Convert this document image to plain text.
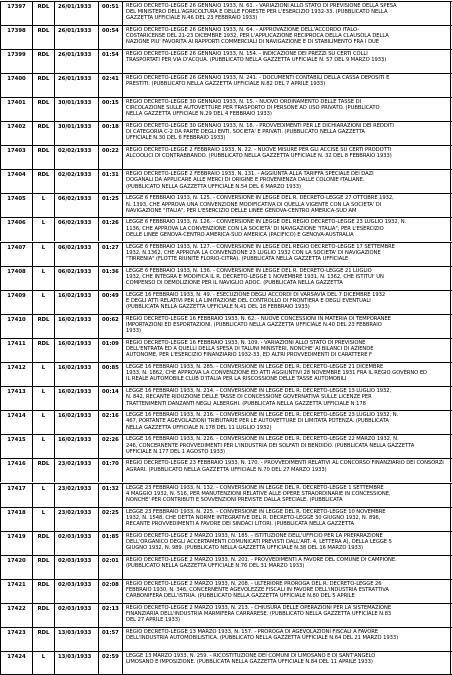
17397	RDL	26/01/1933	00:51	REGIO DECRETO-LEGGE 26 GENNAIO 1933, N. 61. - VARIAZIONI ALLO STATO DI PREVISIONE DELLA SPESA
DEL MINISTERO DELL'AGRICOLTURA E DELLE FORESTE PER L'ESERCIZIO 1932-33. (PUBBLICATO NELLA
GAZZETTA UFFICIALE N.46 DEL 23 FEBBRAIO 1933)
17398	RDL	26/01/1933	00:54	REGIO DECRETO-LEGGE 26 GENNAIO 1933, N. 64. - APPROVAZIONE DELL'ACCORDO ITALO-
COSTARICENSE DEL 21-23 DICEMBRE 1932, PER L'APPLICAZIONE RECIPROCA DELLA CLAUSOLA DELLA
NAZIONE PIU' FAVORITA AI RAPPORTI COMMERCIALI DI NAVIGAZIONE E DI STABILIMENTO FRA I DUE
17399	RDL	26/01/1933	01:54	REGIO DECRETO-LEGGE 26 GENNAIO 1933, N. 154. - INDICAZIONE DEI PREZZI SU CERTI COLLI
TRASPORTATI PER VIA D'ACQUA. (PUBBLICATO NELLA GAZZETTA UFFICIALE N. 57 DEL 9 MARZO 1933)
17400	RDL	26/01/1933	02:41	REGIO DECRETO-LEGGE 26 GENNAIO 1933, N. 241. - DOCUMENTI CONTABILI DELLA CASSA DEPOSITI E
PRESTITI. (PUBBLICATO NELLA GAZZETTA UFFICIALE N.82 DEL 7 APRILE 1933)
17401	RDL	30/01/1933	00:15	REGIO DECRETO-LEGGE 30 GENNAIO 1933, N. 15. - NUOVO ORDINAMENTO DELLE TASSE DI
CIRCOLAZIONE SULLE AUTOVETTURE PER TRASPORTO DI PERSONE AD USO PRIVATO. (PUBBLICATO
NELLA GAZZETTA UFFICIALE N.29 DEL 4 FEBBRAIO 1933)
17402	RDL	30/01/1933	00:18	REGIO DECRETO-LEGGE 30 GENNAIO 1933, N. 18. - PROVVEDIMENTI PER LE DICHIARAZIONI DEI REDDITI
DI CATEGORIA C-2 DA PARTE DEGLI ENTI, SOCIETA' E PRIVATI. (PUBBLICATO NELLA GAZZETTA
UFFICIALE N.30 DEL 6 FEBBRAIO 1933)
17403	RDL	02/02/1933	00:22	REGIO DECRETO-LEGGE 2 FEBBRAIO 1933, N. 22. - NUOVE MISURE PER GLI ACCISE SU CERTI PRODOTTI
ALCOOLICI DI CONTRABBANDO. (PUBBLICATO NELLA GAZZETTA UFFICIALE N. 32 DEL 8 FEBBRAIO 1933)
17404	RDL	02/02/1933	01:31	REGIO DECRETO-LEGGE 2 FEBBRAIO 1933, N. 131. - AGGIUNTA ALLA TARIFFA SPECIALE DEI DAZI
DOGANALI DA APPLICARE ALLE MERCI DI ORIGINE E PROVENIENZA DALLE COLONIE ITALIANE.
(PUBBLICATO NELLA GAZZETTA UFFICIALE N.54 DEL 6 MARZO 1933)
17405	L	06/02/1933	01:25	LEGGE 6 FEBBRAIO 1933, N. 125. - CONVERSIONE IN LEGGE DEL R. DECRETO-LEGGE 27 OTTOBRE 1932,
N. 1393, CHE APPROVA UNA CONVENZIONE MODIFICATIVA DI QUELLA VIGENTE CON LA SOCIETA' DI
NAVIGAZIONE "ITALIA", PER L'ESERCIZIO DELLE LINEE GENOVA-CENTRO AMERICA-SUD AM
17406	L	06/02/1933	01:26	LEGGE 6 FEBBRAIO 1933, N. 126. - CONVERSIONE IN LEGGE DEL REGIO DECRETO-LEGGE 23 LUGLIO 1932, N.
1136, CHE APPROVA LA CONVENZIONE CON LA SOCIETA' DI NAVIGAZIONE "ITALIA", PER L'ESERCIZIO
DELLE LINEE GENOVA-CENTRO AMERICA-SUD AMERICA (PACIFICO) E GENOVA-AUSTRALIA
17407	L	06/02/1933	01:27	LEGGE 6 FEBBRAIO 1933, N. 127. - CONVERSIONE IN LEGGE DEL REGIO DECRETO-LEGGE 17 SETTEMBRE
1932, N.1362, CHE APPROVA LA CONVENZIONE 23 LUGLIO 1932 CON LA SOCIETA' DI NAVIGAZIONE
"TIRRENIA" (FLOTTE RIUNITE FLORIO-CITRA). (PUBBLICATA NELLA GAZZETTA UFFICIALE
17408	L	06/02/1933	01:36	LEGGE 6 FEBBRAIO 1933, N. 136. - CONVERSIONE IN LEGGE DEL R. DECRETO-LEGGE 21 LUGLIO
1932, CHE INTEGRA E MODIFICA IL R. DECRETO-LEGGE 1 NOVEMBRE 1931, N. 1362, CHE ISTITUI' UN
COMPENSO DI DEMOLIZIONE PER IL NAVIGLIO ADOC. (PUBBLICATA NELLA GAZZETTA
17409	L	16/02/1933	00:49	LEGGE 16 FEBBRAIO 1933, N. 49. - ESECUZIONE DEGLI ACCORDI DI VARSAVIA DEL 7 DICEMBRE 1932
E DEGLI ATTI RELATIVI PER LA LIMITAZIONE DEL CONTROLLO DI FRONTIERA E DEGLI EVENTUALI
(PUBBLICATA NELLA GAZZETTA UFFICIALE N.41 DEL 18 FEBBRAIO 1933)
17410	RDL	16/02/1933	00:62	REGIO DECRETO-LEGGE 16 FEBBRAIO 1933, N. 62. - NUOVE CONCESSIONI IN MATERIA DI TEMPORANEE
IMPORTAZIONI ED ESPORTAZIONI. (PUBBLICATO NELLA GAZZETTA UFFICIALE N.40 DEL 23 FEBBRAIO
1933)
17411	RDL	16/02/1933	01:09	REGIO DECRETO-LEGGE 16 FEBBRAIO 1933, N. 109. - VARIAZIONI ALLO STATO DI PREVISIONE
DELL'ENTRATA ED A QUELLI DELLA SPESA DI TALUNI MINISTERI, NONCHE' AI BILANCI DI AZIENDE
AUTONOME, PER L'ESERCIZIO FINANZIARIO 1932-33, ED ALTRI PROVVEDIMENTI DI CARATTERE F
17412	L	16/02/1933	00:85	LEGGE 16 FEBBRAIO 1933, N. 285. - CONVERSIONE IN LEGGE DEL R. DECRETO-LEGGE 21 DICEMBRE
1933, N. 1862, CHE APPROVA LA CONVENZIONE ED ATTI AGGIUNTIVI 28 NOVEMBRE 1931 FRA IL REGIO GOVERNO ED
IL REALE AUTOMOBILE CLUB D'ITALIA PER LA RISCOSSIONE DELLE TASSE AUTOMOBILI
17413	L	16/02/1933	00:14	LEGGE 16 FEBBRAIO 1933, N. 214. - CONVERSIONE IN LEGGE DEL R. DECRETO-LEGGE 13 LUGLIO 1932,
N. 842, RECANTE RIDUZIONE DELLE TASSE DI CONCESSIONE GOVERNATIVA SULLE LICENZE PER
TRATTENIMENTI DANZANTI NEGLI ALBERGHI. (PUBBLICATA NELLA GAZZETTA UFFICIALE N.178
17414	L	16/02/1933	02:16	LEGGE 16 FEBBRAIO 1933, N. 216. - CONVERSIONE IN LEGGE DEL R. DECRETO-LEGGE 23 LUGLIO 1932, N.
467, PORTANTE AGEVOLAZIONI TRIBUTARIE PER LE AUTOVETTURE DI LIMITATA POTENZA. (PUBBLICATA
NELLA GAZZETTA UFFICIALE N.178 DEL 11 LUGLIO 1932)
17415	L	16/02/1933	02:26	LEGGE 16 FEBBRAIO 1933, N. 226. - CONVERSIONE IN LEGGE DEL R. DECRETO-LEGGE 22 MARZO 1932, N.
246, CONCERNENTE PROVVEDIMENTI PER L'INDUSTRIA DEI SOLFATI DI BENDIDO. (PUBBLICATA NELLA GAZZETTA
UFFICIALE N.177 DEL 1 AGOSTO 1933)
17416	RDL	23/02/1933	01:70	REGIO DECRETO-LEGGE 23 FEBBRAIO 1933, N. 170. - PROVVEDIMENTI RELATIVI AL CONCORSO FINANZIARIO DEI CONSORZI
AGRARI. (PUBBLICATO NELLA GAZZETTA UFFICIALE N.70 DEL 27 MARZO 1933)
17417	L	23/02/1933	01:32	LEGGE 23 FEBBRAIO 1933, N. 132. - CONVERSIONE IN LEGGE DEL R. DECRETO-LEGGE 1 SETTEMBRE
4 MAGGIO 1932, N. 516, PER MANUTENZIONI RELATIVE ALLE OPERE STRAORDINARIE IN CONCESSIONE,
NONCHE' PER CONTRIBUTI E SOVVENZIONI PREVISTE DALLA SPECIALE. (PUBBLICATA
17418	L	23/02/1933	02:25	LEGGE 23 FEBBRAIO 1933, N. 225. - CONVERSIONE IN LEGGE DEL R. DECRETO-LEGGE 10 NOVEMBRE
1932, N. 1548, CHE DETTA NORME INTEGRATIVE DEL R. DECRETO-LEGGE 30 GIUGNO 1932, N. 896,
RECANTE PROVVEDIMENTI A FAVORE DEI SINDACI LITORI. (PUBBLICATA NELLA GAZZETTA
17419	RDL	02/03/1933	01:85	REGIO DECRETO-LEGGE 2 MARZO 1933, N. 185. - ISTITUZIONE DELL'UFFICIO PER LA PREPARAZIONE
DELL'ORGANICO DEGLI ACCERTAMENTI COMUNICATI PREVISTI DALL'ART. 4, LETTERA A), DELLA LEGGE 5
GIUGNO 1932, N. 989. (PUBBLICATO NELLA GAZZETTA UFFICIALE N.38 DEL 16 MARZO 1933)
17420	RDL	02/03/1933	02:01	REGIO DECRETO-LEGGE 2 MARZO 1933, N. 201. - PROVVEDIMENTI A FAVORE DEL COMUNE DI CAMPIONE.
(PUBBLICATO NELLA GAZZETTA UFFICIALE N.76 DEL 31 MARZO 1933)
17421	RDL	02/03/1933	02:08	REGIO DECRETO-LEGGE 2 MARZO 1933, N. 208. - ULTERIORE PROROGA DEL R. DECRETO-LEGGE 26
FEBBRAIO 1930, N. 346, CONCERNENTE AGEVOLEZZE FISCALI IN FAVORE DELL'INDUSTRIA ESTRATTIVA
CARBONIFERA DELL'ISTRIA. (PUBBLICATO NELLA GAZZETTA UFFICIALE N.80 DEL 5 APRILE
17422	RDL	02/03/1933	02:13	REGIO DECRETO-LEGGE 2 MARZO 1933, N. 213. - CHIUSURA DELLE OPERAZIONI PER LA SISTEMAZIONE
FINANZIARIA DELL'INDUSTRIA MARMIFERA CARRARESE. (PUBBLICATO NELLA GAZZETTA UFFICIALE N.83
DEL 27 APRILE 1933)
17423	RDL	13/03/1933	01:57	REGIO DECRETO-LEGGE 13 MARZO 1933, N. 157. - PROROGA DI AGEVOLAZIONI FISCALI A FAVORE
DELL'INDUSTRIA AUTOMOBILISTICA. (PUBBLICATO NELLA GAZZETTA UFFICIALE N.64 DEL 21 MARZO 1933)
17424	L	13/03/1933	02:59	LEGGE 13 MARZO 1933, N. 259. - RICOSTITUZIONE DEI COMUNI DI LIMOSANO E DI SANT'ANGELO
LIMOSANO E IMPOSIZIONE. (PUBBLICATA NELLA GAZZETTA UFFICIALE N.84 DEL 11 APRILE 1933)
